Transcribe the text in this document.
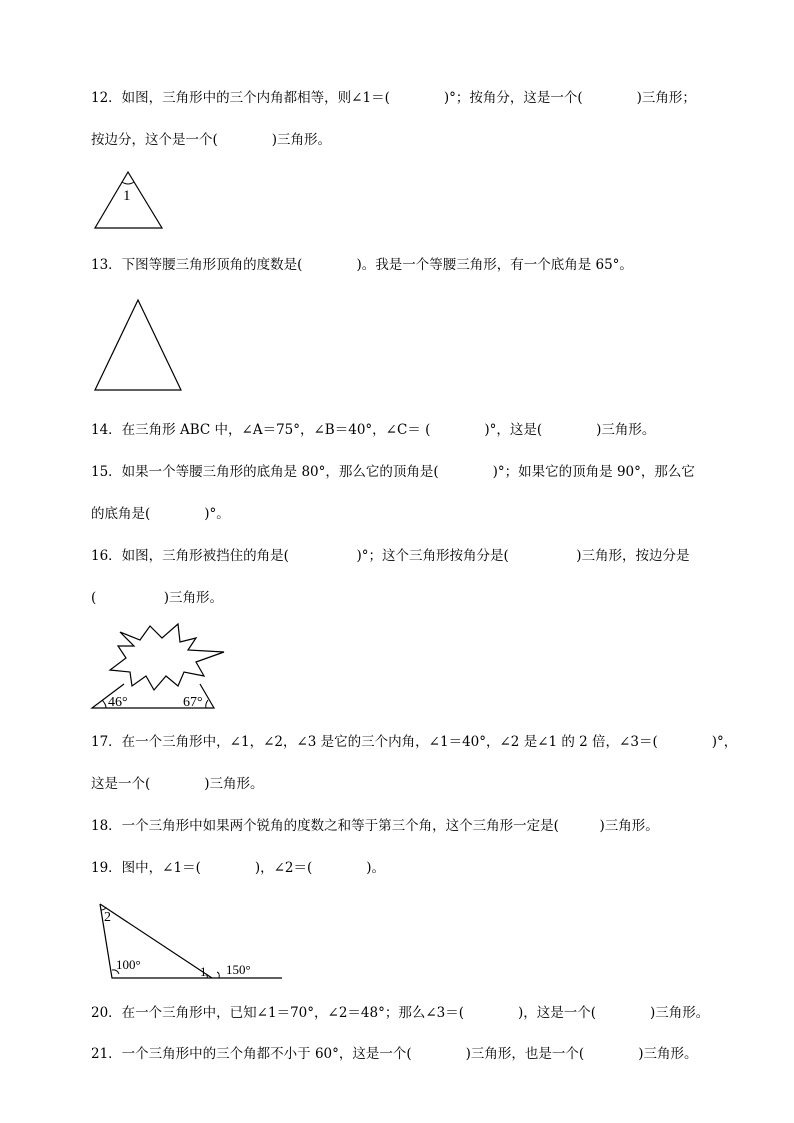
12．如图，三角形中的三个内角都相等，则∠1＝(　　　　)°；按角分，这是一个(　　　　)三角形；
按边分，这个是一个(　　　　)三角形。
1
13．下图等腰三角形顶角的度数是(　　　　)。我是一个等腰三角形，有一个底角是 65°。
14．在三角形 ABC 中，∠A＝75°，∠B＝40°，∠C＝ (　　　　)°，这是(　　　　)三角形。
15．如果一个等腰三角形的底角是 80°，那么它的顶角是(　　　　)°；如果它的顶角是 90°，那么它
的底角是(　　　　)°。
16．如图，三角形被挡住的角是(　　　　　)°；这个三角形按角分是(　　　　　)三角形，按边分是
(　　　　　)三角形。
46°	67°
17．在一个三角形中，∠1，∠2，∠3 是它的三个内角，∠1＝40°，∠2 是∠1 的 2 倍，∠3＝(　　　　)°，
这是一个(　　　　)三角形。
18．一个三角形中如果两个锐角的度数之和等于第三个角，这个三角形一定是(　　　)三角形。
19．图中，∠1＝(　　　　)，∠2＝(　　　　)。
2
100°	1 150°
20．在一个三角形中，已知∠1＝70°，∠2＝48°；那么∠3＝(　　　　)，这是一个(　　　　)三角形。
21．一个三角形中的三个角都不小于 60°，这是一个(　　　　)三角形，也是一个(　　　　)三角形。
